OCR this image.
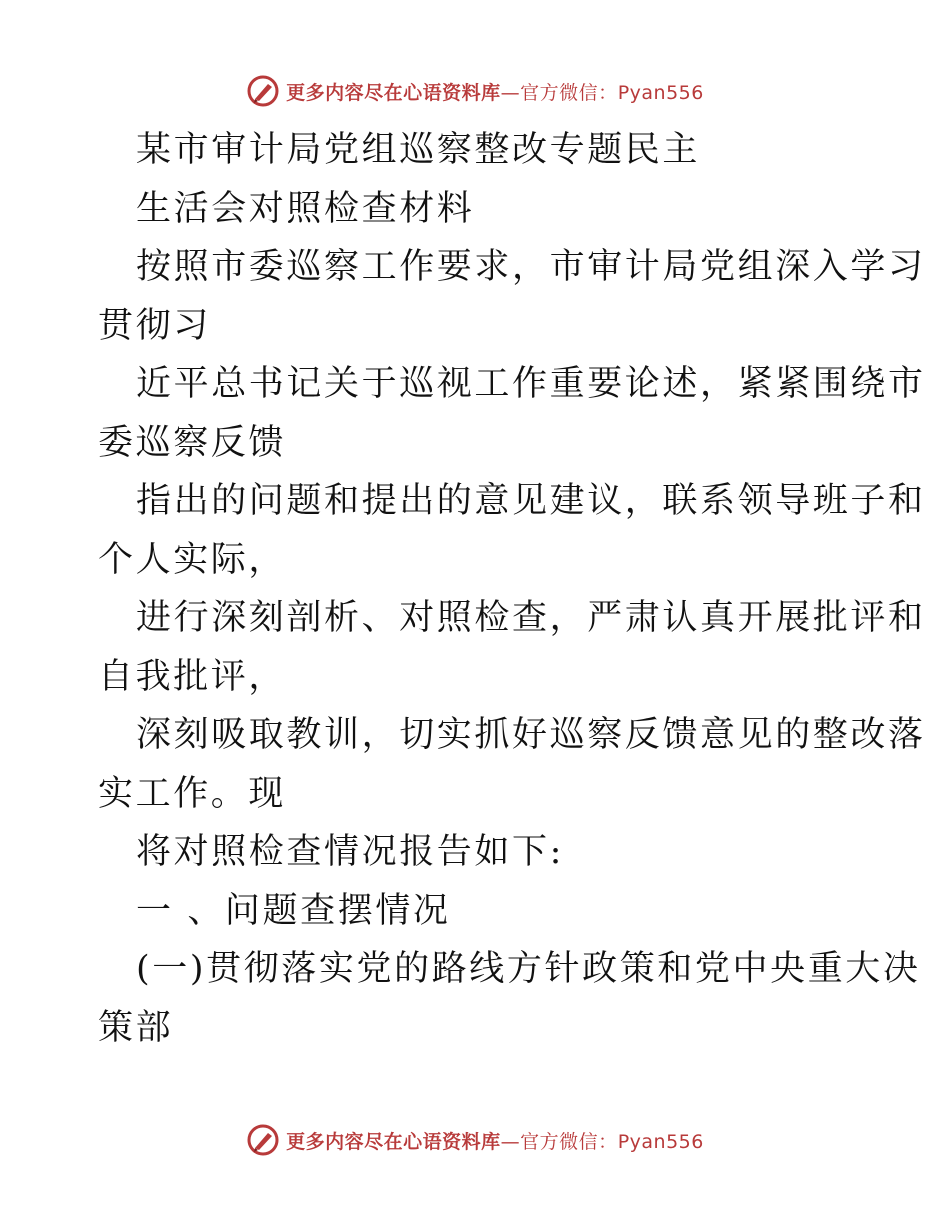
更多内容尽在心语资料库—官方微信：Pyan556
某市审计局党组巡察整改专题民主
生活会对照检查材料
按照市委巡察工作要求，市审计局党组深入学习
贯彻习
近平总书记关于巡视工作重要论述，紧紧围绕市
委巡察反馈
指出的问题和提出的意见建议，联系领导班子和
个人实际，
进行深刻剖析、对照检查，严肃认真开展批评和
自我批评，
深刻吸取教训，切实抓好巡察反馈意见的整改落
实工作。现
将对照检查情况报告如下:
一 、问题查摆情况
(一)贯彻落实党的路线方针政策和党中央重大决
策部
更多内容尽在心语资料库—官方微信：Pyan556
